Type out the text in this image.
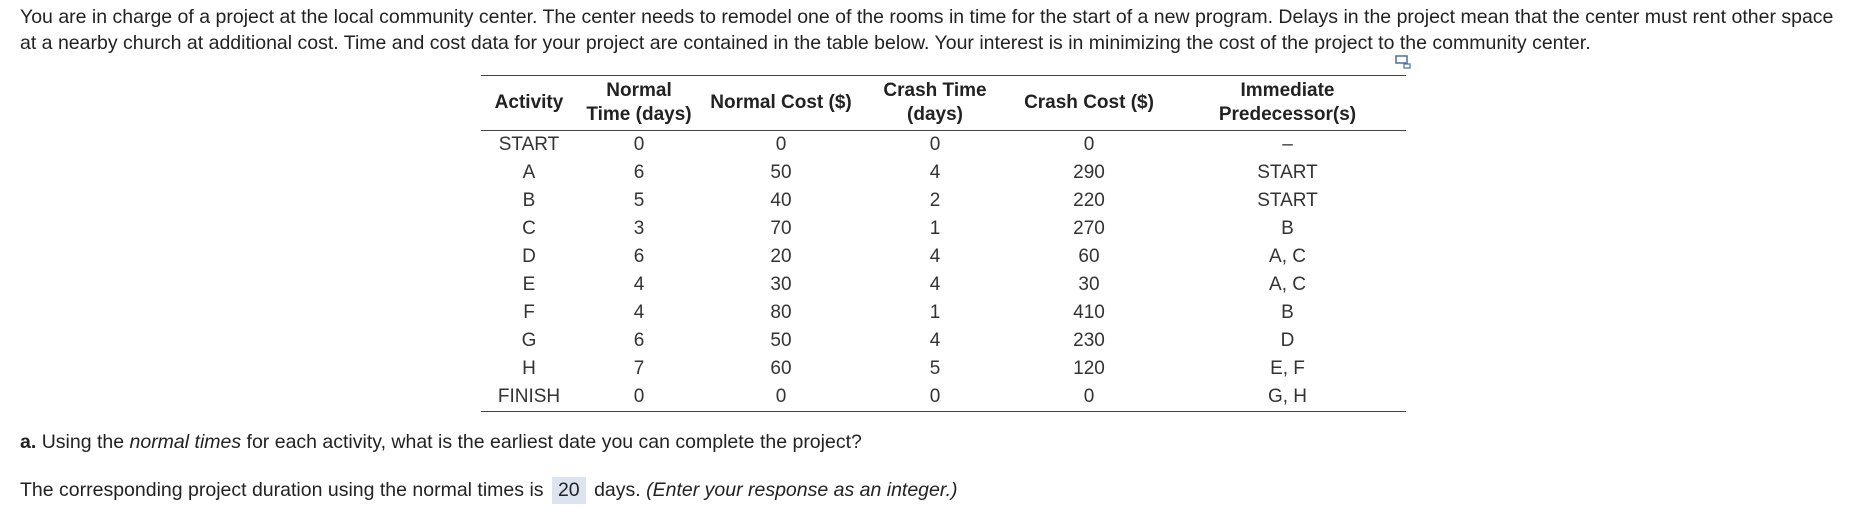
You are in charge of a project at the local community center. The center needs to remodel one of the rooms in time for the start of a new program. Delays in the project mean that the center must rent other space at a nearby church at additional cost. Time and cost data for your project are contained in the table below. Your interest is in minimizing the cost of the project to the community center.
Activity	Normal Time (days)	Normal Cost ($)	Crash Time (days)	Crash Cost ($)	Immediate Predecessor(s)
START	0	0	0	0	–
A	6	50	4	290	START
B	5	40	2	220	START
C	3	70	1	270	B
D	6	20	4	60	A, C
E	4	30	4	30	A, C
F	4	80	1	410	B
G	6	50	4	230	D
H	7	60	5	120	E, F
FINISH	0	0	0	0	G, H
a. Using the normal times for each activity, what is the earliest date you can complete the project?
The corresponding project duration using the normal times is 20 days. (Enter your response as an integer.)
